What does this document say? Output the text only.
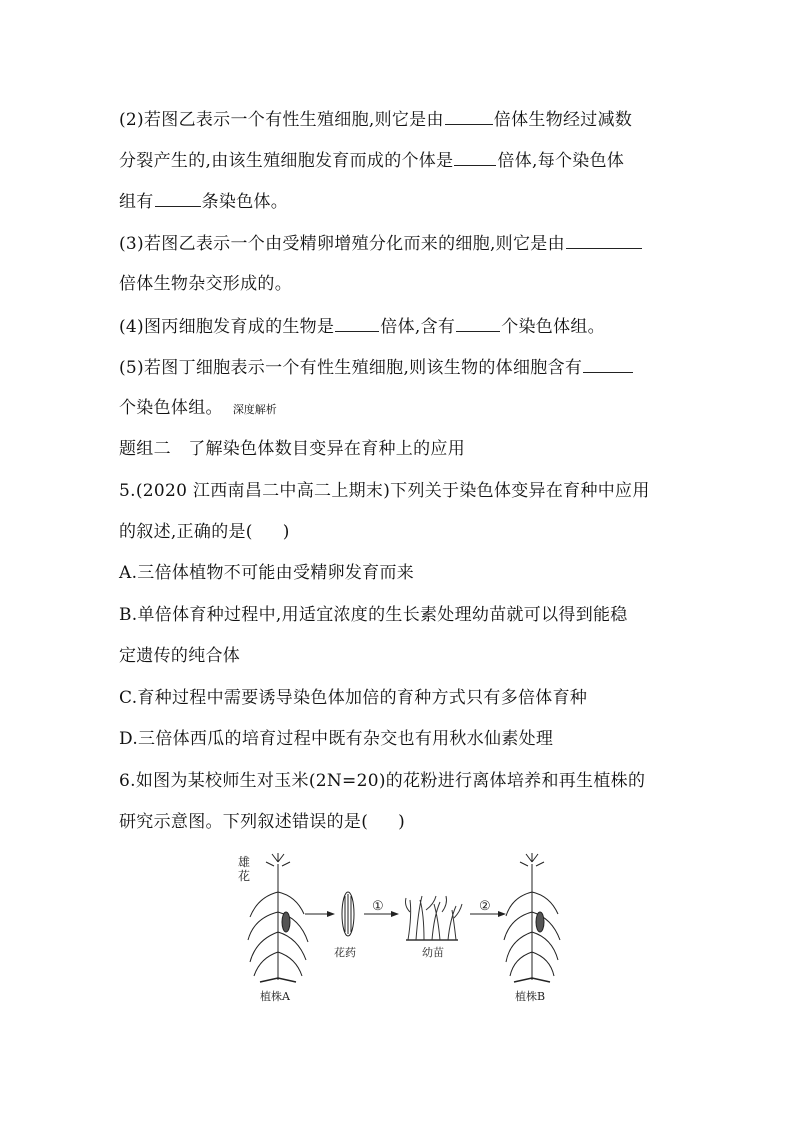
(2)若图乙表示一个有性生殖细胞,则它是由	倍体生物经过减数
分裂产生的,由该生殖细胞发育而成的个体是	倍体,每个染色体
组有	条染色体。
(3)若图乙表示一个由受精卵增殖分化而来的细胞,则它是由
倍体生物杂交形成的。
(4)图丙细胞发育成的生物是	倍体,含有	个染色体组。
(5)若图丁细胞表示一个有性生殖细胞,则该生物的体细胞含有
个染色体组。 深度解析
题组二　了解染色体数目变异在育种上的应用
5.(2020 江西南昌二中高二上期末)下列关于染色体变异在育种中应用
的叙述,正确的是( )
A.三倍体植物不可能由受精卵发育而来
B.单倍体育种过程中,用适宜浓度的生长素处理幼苗就可以得到能稳
定遗传的纯合体
C.育种过程中需要诱导染色体加倍的育种方式只有多倍体育种
D.三倍体西瓜的培育过程中既有杂交也有用秋水仙素处理
6.如图为某校师生对玉米(2N=20)的花粉进行离体培养和再生植株的
研究示意图。下列叙述错误的是( )
雄
花
植株A
花药
①
幼苗
②
植株B
